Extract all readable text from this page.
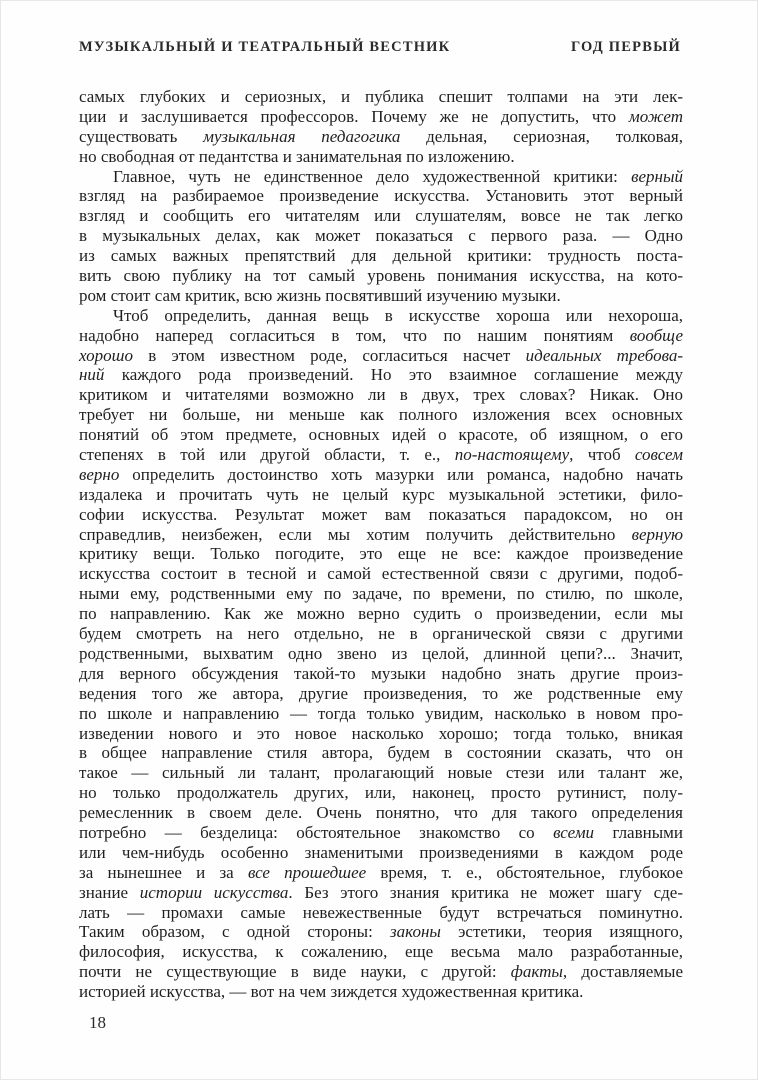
МУЗЫКАЛЬНЫЙ И ТЕАТРАЛЬНЫЙ ВЕСТНИК	ГОД ПЕРВЫЙ
самых глубоких и сериозных, и публика спешит толпами на эти лек-
ции и заслушивается профессоров. Почему же не допустить, что может
существовать музыкальная педагогика дельная, сериозная, толковая,
но свободная от педантства и занимательная по изложению.
Главное, чуть не единственное дело художественной критики: верный
взгляд на разбираемое произведение искусства. Установить этот верный
взгляд и сообщить его читателям или слушателям, вовсе не так легко
в музыкальных делах, как может показаться с первого раза. — Одно
из самых важных препятствий для дельной критики: трудность поста-
вить свою публику на тот самый уровень понимания искусства, на кото-
ром стоит сам критик, всю жизнь посвятивший изучению музыки.
Чтоб определить, данная вещь в искусстве хороша или нехороша,
надобно наперед согласиться в том, что по нашим понятиям вообще
хорошо в этом известном роде, согласиться насчет идеальных требова-
ний каждого рода произведений. Но это взаимное соглашение между
критиком и читателями возможно ли в двух, трех словах? Никак. Оно
требует ни больше, ни меньше как полного изложения всех основных
понятий об этом предмете, основных идей о красоте, об изящном, о его
степенях в той или другой области, т. е., по-настоящему, чтоб совсем
верно определить достоинство хоть мазурки или романса, надобно начать
издалека и прочитать чуть не целый курс музыкальной эстетики, фило-
софии искусства. Результат может вам показаться парадоксом, но он
справедлив, неизбежен, если мы хотим получить действительно верную
критику вещи. Только погодите, это еще не все: каждое произведение
искусства состоит в тесной и самой естественной связи с другими, подоб-
ными ему, родственными ему по задаче, по времени, по стилю, по школе,
по направлению. Как же можно верно судить о произведении, если мы
будем смотреть на него отдельно, не в органической связи с другими
родственными, выхватим одно звено из целой, длинной цепи?... Значит,
для верного обсуждения такой-то музыки надобно знать другие произ-
ведения того же автора, другие произведения, то же родственные ему
по школе и направлению — тогда только увидим, насколько в новом про-
изведении нового и это новое насколько хорошо; тогда только, вникая
в общее направление стиля автора, будем в состоянии сказать, что он
такое — сильный ли талант, пролагающий новые стези или талант же,
но только продолжатель других, или, наконец, просто рутинист, полу-
ремесленник в своем деле. Очень понятно, что для такого определения
потребно — безделица: обстоятельное знакомство со всеми главными
или чем-нибудь особенно знаменитыми произведениями в каждом роде
за нынешнее и за все прошедшее время, т. е., обстоятельное, глубокое
знание истории искусства. Без этого знания критика не может шагу сде-
лать — промахи самые невежественные будут встречаться поминутно.
Таким образом, с одной стороны: законы эстетики, теория изящного,
философия, искусства, к сожалению, еще весьма мало разработанные,
почти не существующие в виде науки, с другой: факты, доставляемые
историей искусства, — вот на чем зиждется художественная критика.
18
